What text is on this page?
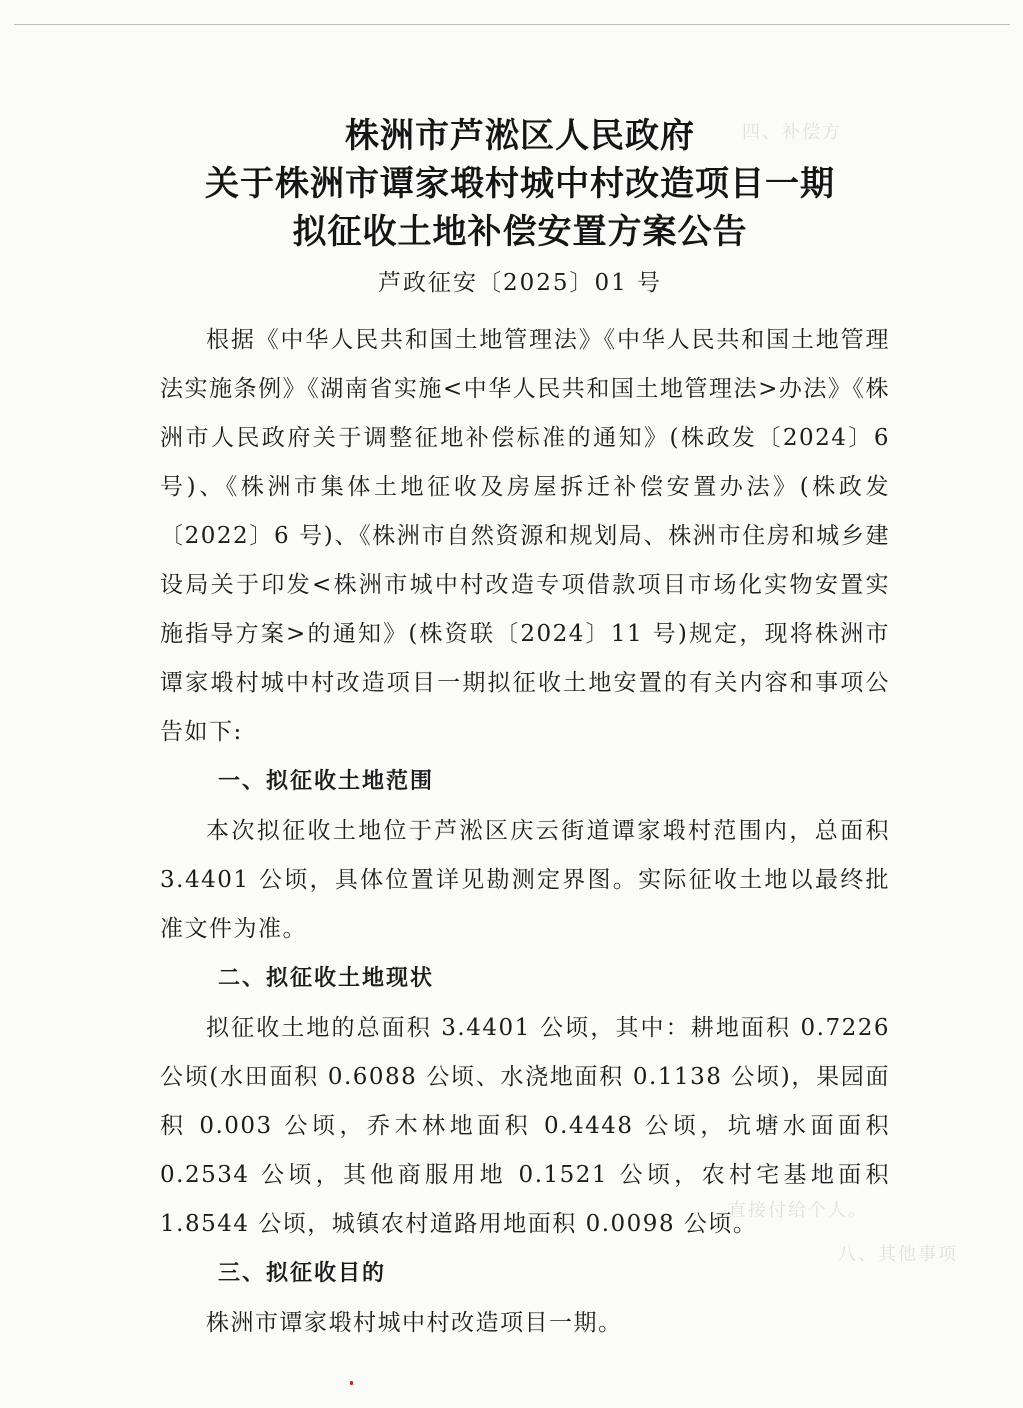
四、补偿方
八、其他事项
直接付给个人。
株洲市芦淞区人民政府
关于株洲市谭家塅村城中村改造项目一期
拟征收土地补偿安置方案公告
芦政征安〔2025〕01 号

根据《中华人民共和国土地管理法》《中华人民共和国土地管理法实施条例》《湖南省实施<中华人民共和国土地管理法>办法》《株洲市人民政府关于调整征地补偿标准的通知》(株政发〔2024〕6 号)、《株洲市集体土地征收及房屋拆迁补偿安置办法》(株政发〔2022〕6 号)、《株洲市自然资源和规划局、株洲市住房和城乡建设局关于印发<株洲市城中村改造专项借款项目市场化实物安置实施指导方案>的通知》(株资联〔2024〕11 号)规定，现将株洲市谭家塅村城中村改造项目一期拟征收土地安置的有关内容和事项公告如下:

一、拟征收土地范围

本次拟征收土地位于芦淞区庆云街道谭家塅村范围内，总面积 3.4401 公顷，具体位置详见勘测定界图。实际征收土地以最终批准文件为准。

二、拟征收土地现状

拟征收土地的总面积 3.4401 公顷，其中：耕地面积 0.7226 公顷(水田面积 0.6088 公顷、水浇地面积 0.1138 公顷)，果园面积 0.003 公顷，乔木林地面积 0.4448 公顷，坑塘水面面积 0.2534 公顷，其他商服用地 0.1521 公顷，农村宅基地面积 1.8544 公顷，城镇农村道路用地面积 0.0098 公顷。

三、拟征收目的

株洲市谭家塅村城中村改造项目一期。
